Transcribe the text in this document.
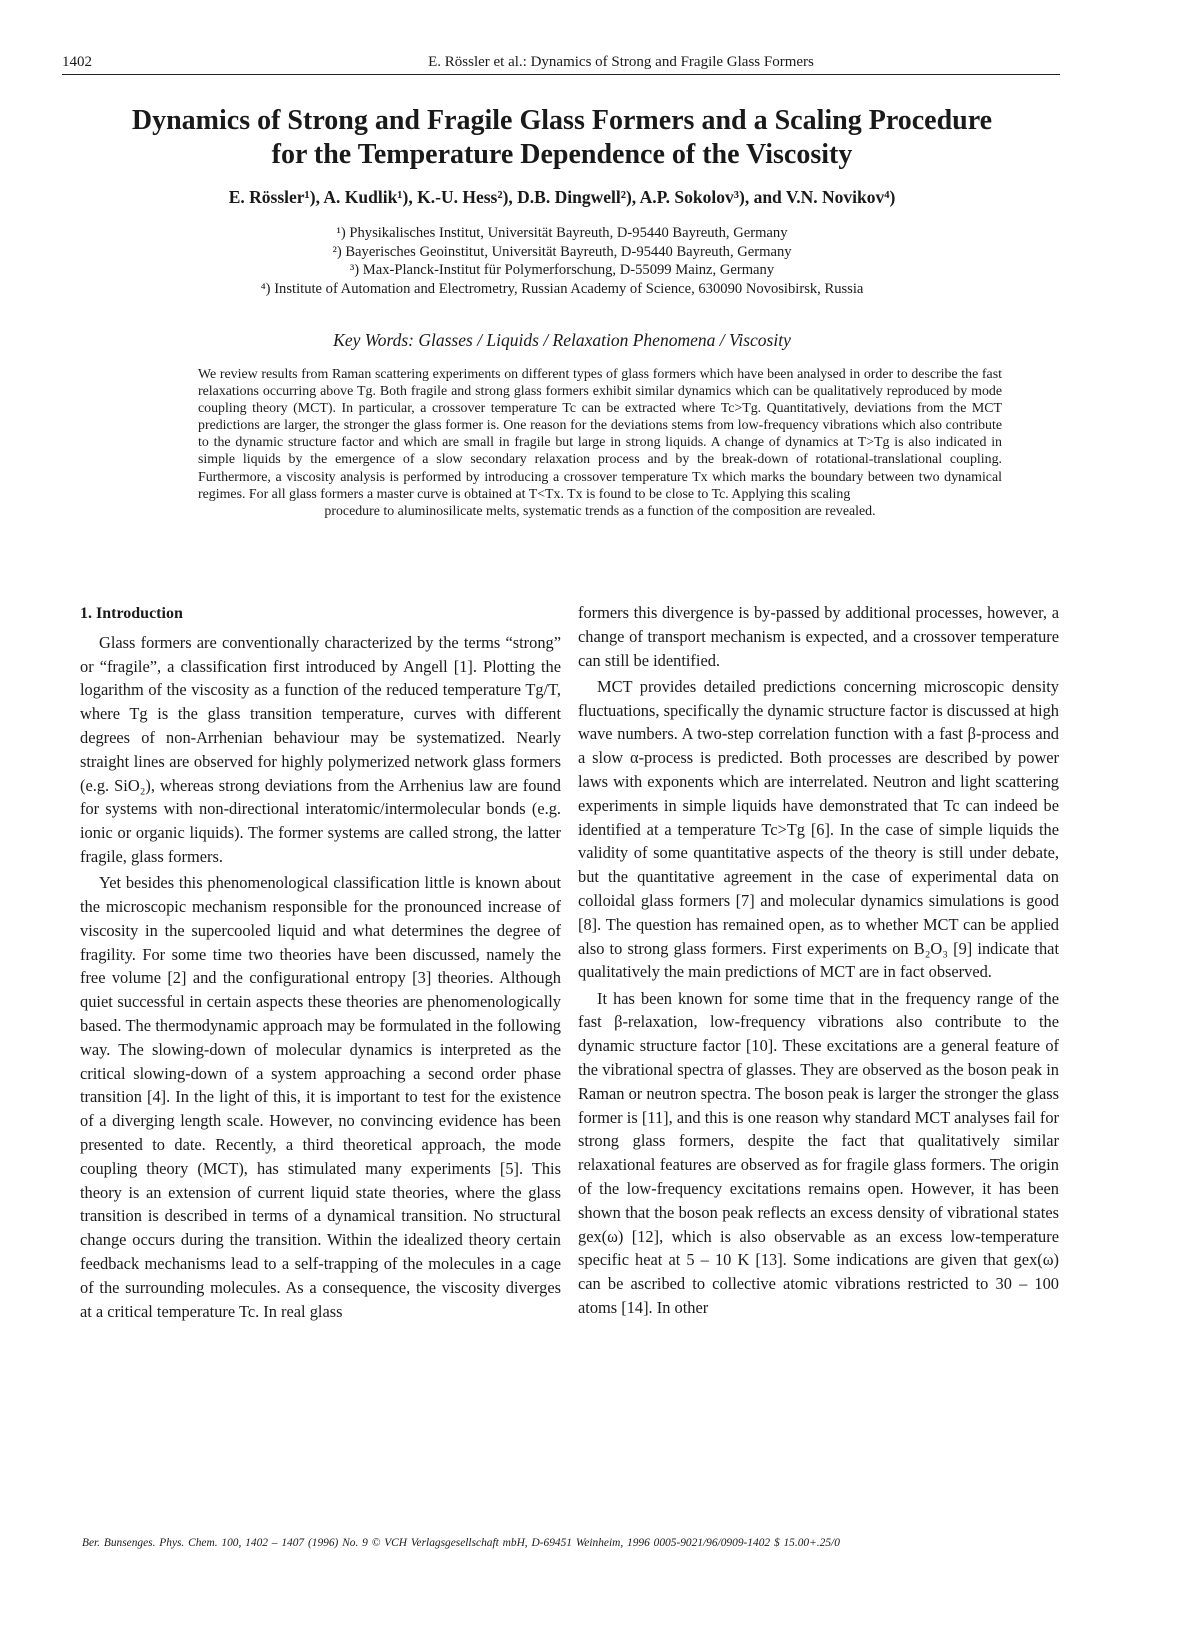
1402	E. Rössler et al.: Dynamics of Strong and Fragile Glass Formers
Dynamics of Strong and Fragile Glass Formers and a Scaling Procedure
for the Temperature Dependence of the Viscosity
E. Rössler¹), A. Kudlik¹), K.-U. Hess²), D.B. Dingwell²), A.P. Sokolov³), and V.N. Novikov⁴)
¹) Physikalisches Institut, Universität Bayreuth, D-95440 Bayreuth, Germany
²) Bayerisches Geoinstitut, Universität Bayreuth, D-95440 Bayreuth, Germany
³) Max-Planck-Institut für Polymerforschung, D-55099 Mainz, Germany
⁴) Institute of Automation and Electrometry, Russian Academy of Science, 630090 Novosibirsk, Russia
Key Words: Glasses / Liquids / Relaxation Phenomena / Viscosity
We review results from Raman scattering experiments on different types of glass formers which have been analysed in order to describe the fast relaxations occurring above Tg. Both fragile and strong glass formers exhibit similar dynamics which can be qualitatively reproduced by mode coupling theory (MCT). In particular, a crossover temperature Tc can be extracted where Tc>Tg. Quantitatively, deviations from the MCT predictions are larger, the stronger the glass former is. One reason for the deviations stems from low-frequency vibrations which also contribute to the dynamic structure factor and which are small in fragile but large in strong liquids. A change of dynamics at T>Tg is also indicated in simple liquids by the emergence of a slow secondary relaxation process and by the break-down of rotational-translational coupling. Furthermore, a viscosity analysis is performed by introducing a crossover temperature Tx which marks the boundary between two dynamical regimes. For all glass formers a master curve is obtained at T<Tx. Tx is found to be close to Tc. Applying this scaling
procedure to aluminosilicate melts, systematic trends as a function of the composition are revealed.
1. Introduction

Glass formers are conventionally characterized by the terms “strong” or “fragile”, a classification first introduced by Angell [1]. Plotting the logarithm of the viscosity as a function of the reduced temperature Tg/T, where Tg is the glass transition temperature, curves with different degrees of non-Arrhenian behaviour may be systematized. Nearly straight lines are observed for highly polymerized network glass formers (e.g. SiO₂), whereas strong deviations from the Arrhenius law are found for systems with non-directional interatomic/intermolecular bonds (e.g. ionic or organic liquids). The former systems are called strong, the latter fragile, glass formers.

Yet besides this phenomenological classification little is known about the microscopic mechanism responsible for the pronounced increase of viscosity in the supercooled liquid and what determines the degree of fragility. For some time two theories have been discussed, namely the free volume [2] and the configurational entropy [3] theories. Although quiet successful in certain aspects these theories are phenomenologically based. The thermodynamic approach may be formulated in the following way. The slowing-down of molecular dynamics is interpreted as the critical slowing-down of a system approaching a second order phase transition [4]. In the light of this, it is important to test for the existence of a diverging length scale. However, no convincing evidence has been presented to date. Recently, a third theoretical approach, the mode coupling theory (MCT), has stimulated many experiments [5]. This theory is an extension of current liquid state theories, where the glass transition is described in terms of a dynamical transition. No structural change occurs during the transition. Within the idealized theory certain feedback mechanisms lead to a self-trapping of the molecules in a cage of the surrounding molecules. As a consequence, the viscosity diverges at a critical temperature Tc. In real glass

formers this divergence is by-passed by additional processes, however, a change of transport mechanism is expected, and a crossover temperature can still be identified.

MCT provides detailed predictions concerning microscopic density fluctuations, specifically the dynamic structure factor is discussed at high wave numbers. A two-step correlation function with a fast β-process and a slow α-process is predicted. Both processes are described by power laws with exponents which are interrelated. Neutron and light scattering experiments in simple liquids have demonstrated that Tc can indeed be identified at a temperature Tc>Tg [6]. In the case of simple liquids the validity of some quantitative aspects of the theory is still under debate, but the quantitative agreement in the case of experimental data on colloidal glass formers [7] and molecular dynamics simulations is good [8]. The question has remained open, as to whether MCT can be applied also to strong glass formers. First experiments on B₂O₃ [9] indicate that qualitatively the main predictions of MCT are in fact observed.

It has been known for some time that in the frequency range of the fast β-relaxation, low-frequency vibrations also contribute to the dynamic structure factor [10]. These excitations are a general feature of the vibrational spectra of glasses. They are observed as the boson peak in Raman or neutron spectra. The boson peak is larger the stronger the glass former is [11], and this is one reason why standard MCT analyses fail for strong glass formers, despite the fact that qualitatively similar relaxational features are observed as for fragile glass formers. The origin of the low-frequency excitations remains open. However, it has been shown that the boson peak reflects an excess density of vibrational states gex(ω) [12], which is also observable as an excess low-temperature specific heat at 5 – 10 K [13]. Some indications are given that gex(ω) can be ascribed to collective atomic vibrations restricted to 30 – 100 atoms [14]. In other

Ber. Bunsenges. Phys. Chem. 100, 1402 – 1407 (1996) No. 9 © VCH Verlagsgesellschaft mbH, D-69451 Weinheim, 1996 0005-9021/96/0909-1402 $ 15.00+.25/0
